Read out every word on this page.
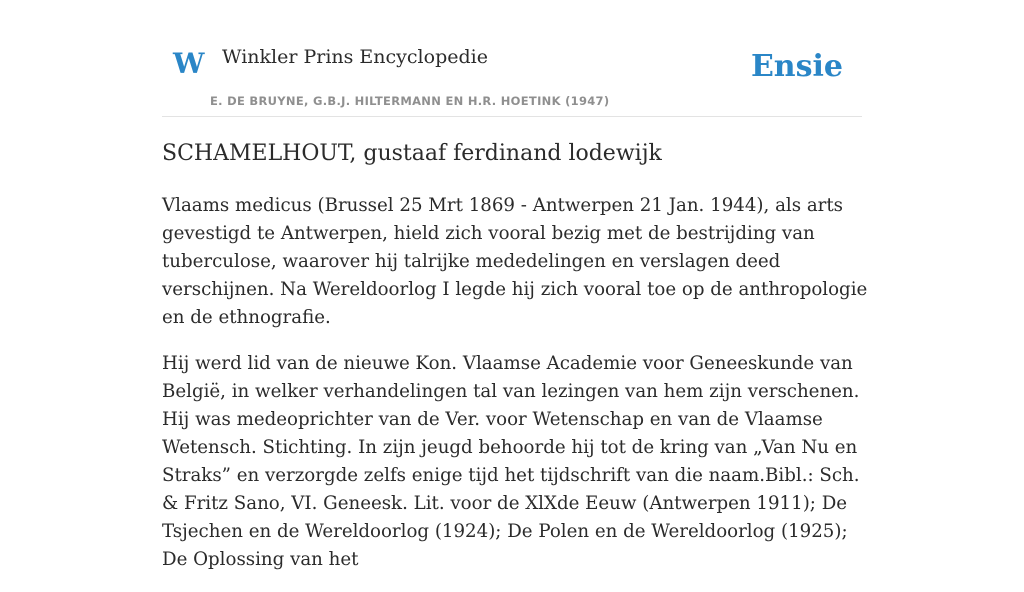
W Winkler Prins Encyclopedie
E. DE BRUYNE, G.B.J. HILTERMANN EN H.R. HOETINK (1947)
Ensie
SCHAMELHOUT, gustaaf ferdinand lodewijk

Vlaams medicus (Brussel 25 Mrt 1869 - Antwerpen 21 Jan. 1944), als arts gevestigd te Antwerpen, hield zich vooral bezig met de bestrijding van tuberculose, waarover hij talrijke mededelingen en verslagen deed verschijnen. Na Wereldoorlog I legde hij zich vooral toe op de anthropologie en de ethnografie.

Hij werd lid van de nieuwe Kon. Vlaamse Academie voor Geneeskunde van België, in welker verhandelingen tal van lezingen van hem zijn verschenen. Hij was medeoprichter van de Ver. voor Wetenschap en van de Vlaamse Wetensch. Stichting. In zijn jeugd behoorde hij tot de kring van „Van Nu en Straks” en verzorgde zelfs enige tijd het tijdschrift van die naam.Bibl.: Sch. & Fritz Sano, VI. Geneesk. Lit. voor de XlXde Eeuw (Antwerpen 1911); De Tsjechen en de Wereldoorlog (1924); De Polen en de Wereldoorlog (1925); De Oplossing van het
